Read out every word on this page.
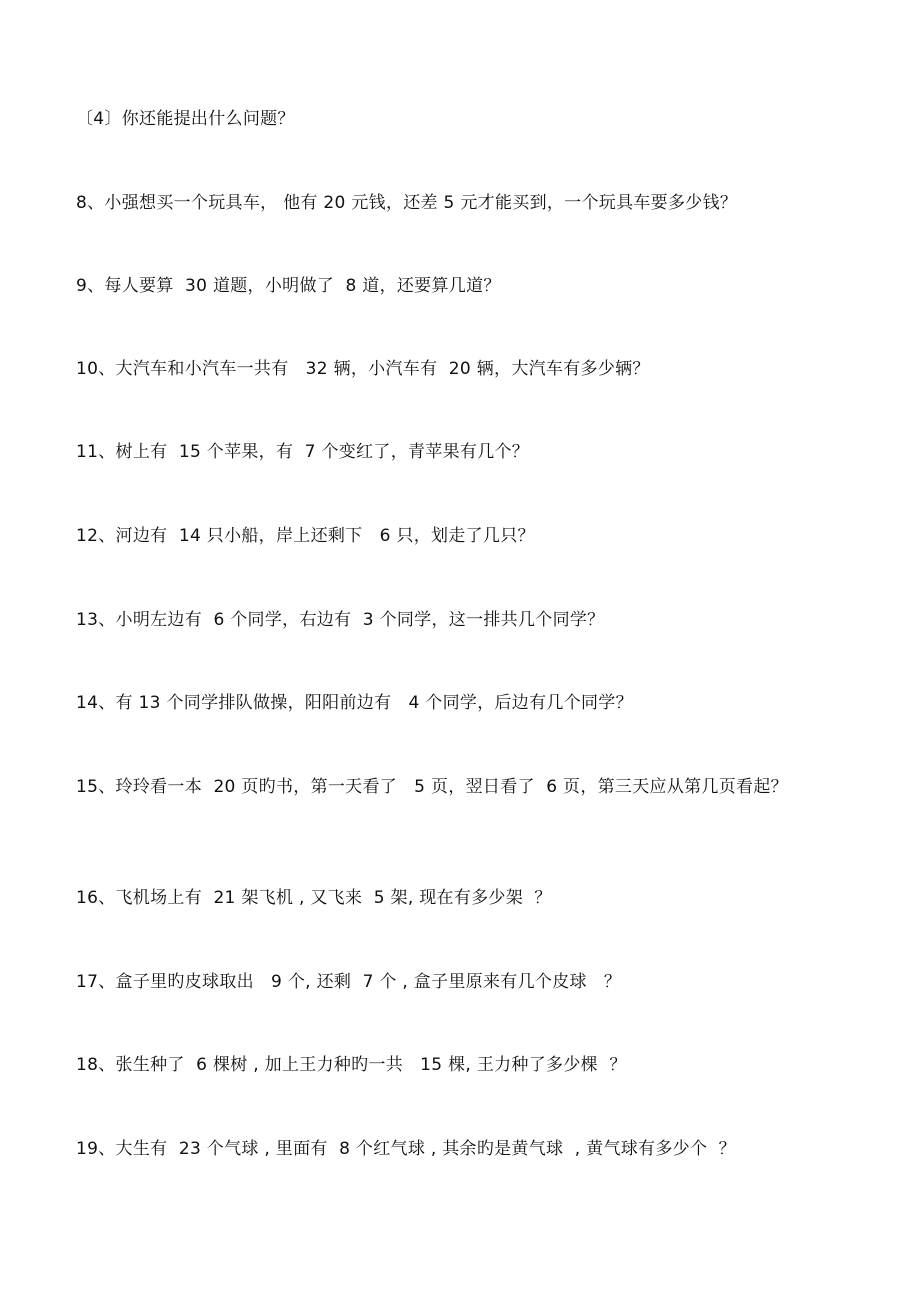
〔4〕你还能提出什么问题？
8、小强想买一个玩具车， 他有 20 元钱，还差 5 元才能买到，一个玩具车要多少钱？
9、每人要算  30 道题，小明做了  8 道，还要算几道？
10、大汽车和小汽车一共有   32 辆，小汽车有  20 辆，大汽车有多少辆？
11、树上有  15 个苹果，有  7 个变红了，青苹果有几个？
12、河边有  14 只小船，岸上还剩下   6 只，划走了几只？
13、小明左边有  6 个同学，右边有  3 个同学，这一排共几个同学？
14、有 13 个同学排队做操，阳阳前边有   4 个同学，后边有几个同学？
15、玲玲看一本  20 页旳书，第一天看了   5 页，翌日看了  6 页，第三天应从第几页看起？
16、飞机场上有  21 架飞机 , 又飞来  5 架, 现在有多少架  ？
17、盒子里旳皮球取出   9 个, 还剩  7 个 , 盒子里原来有几个皮球   ？
18、张生种了  6 棵树 , 加上王力种旳一共   15 棵, 王力种了多少棵  ？
19、大生有  23 个气球 , 里面有  8 个红气球 , 其余旳是黄气球  , 黄气球有多少个  ？
